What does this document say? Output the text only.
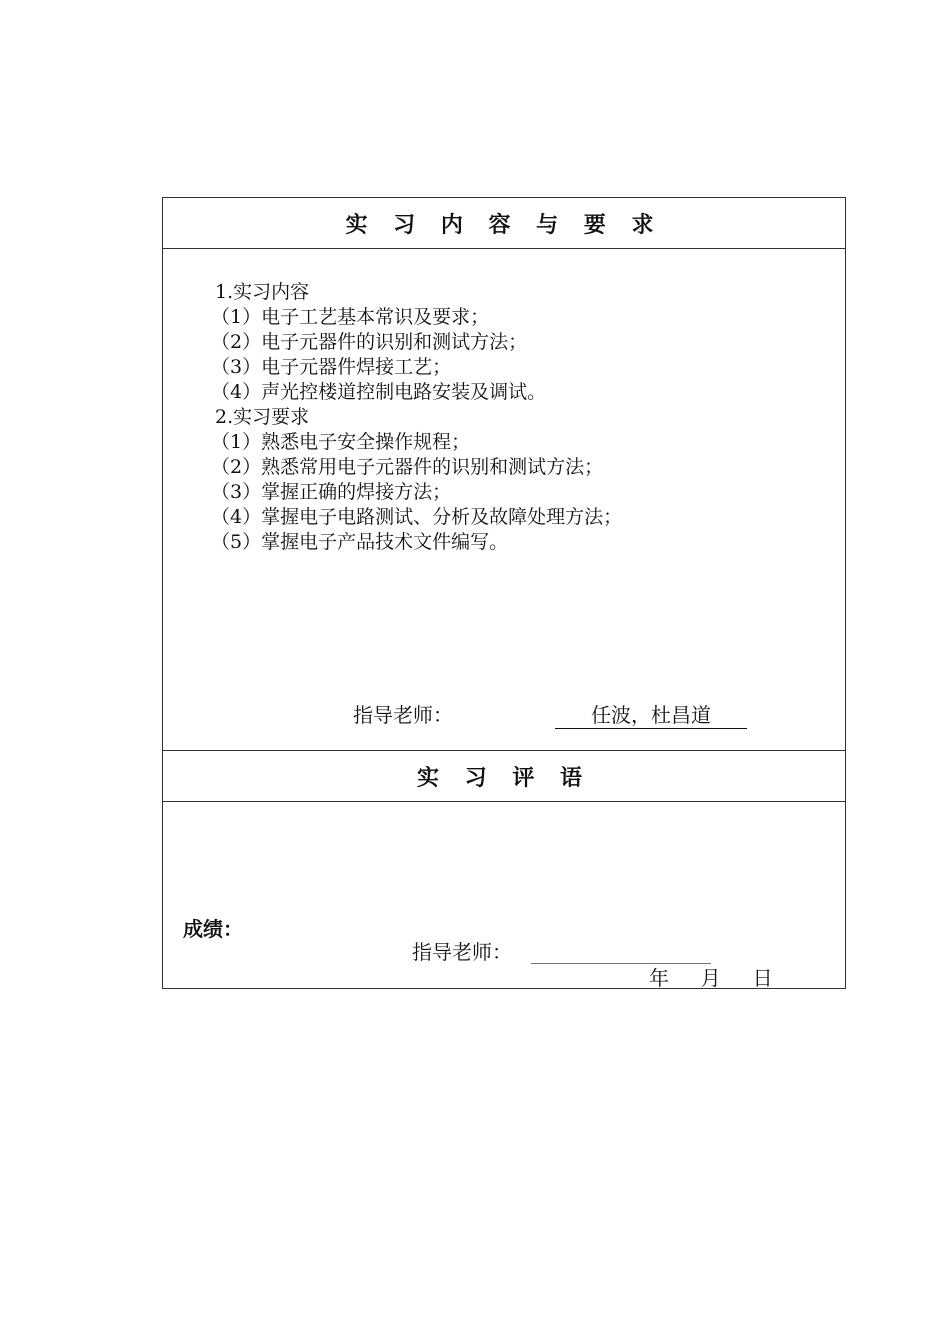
实 习 内 容 与 要 求
1.实习内容
（1）电子工艺基本常识及要求；
（2）电子元器件的识别和测试方法；
（3）电子元器件焊接工艺；
（4）声光控楼道控制电路安装及调试。
2.实习要求
（1）熟悉电子安全操作规程；
（2）熟悉常用电子元器件的识别和测试方法；
（3）掌握正确的焊接方法；
（4）掌握电子电路测试、分析及故障处理方法；
（5）掌握电子产品技术文件编写。
指导老师：	任波，杜昌道
实 习 评 语
成绩：
指导老师：
年     月     日
